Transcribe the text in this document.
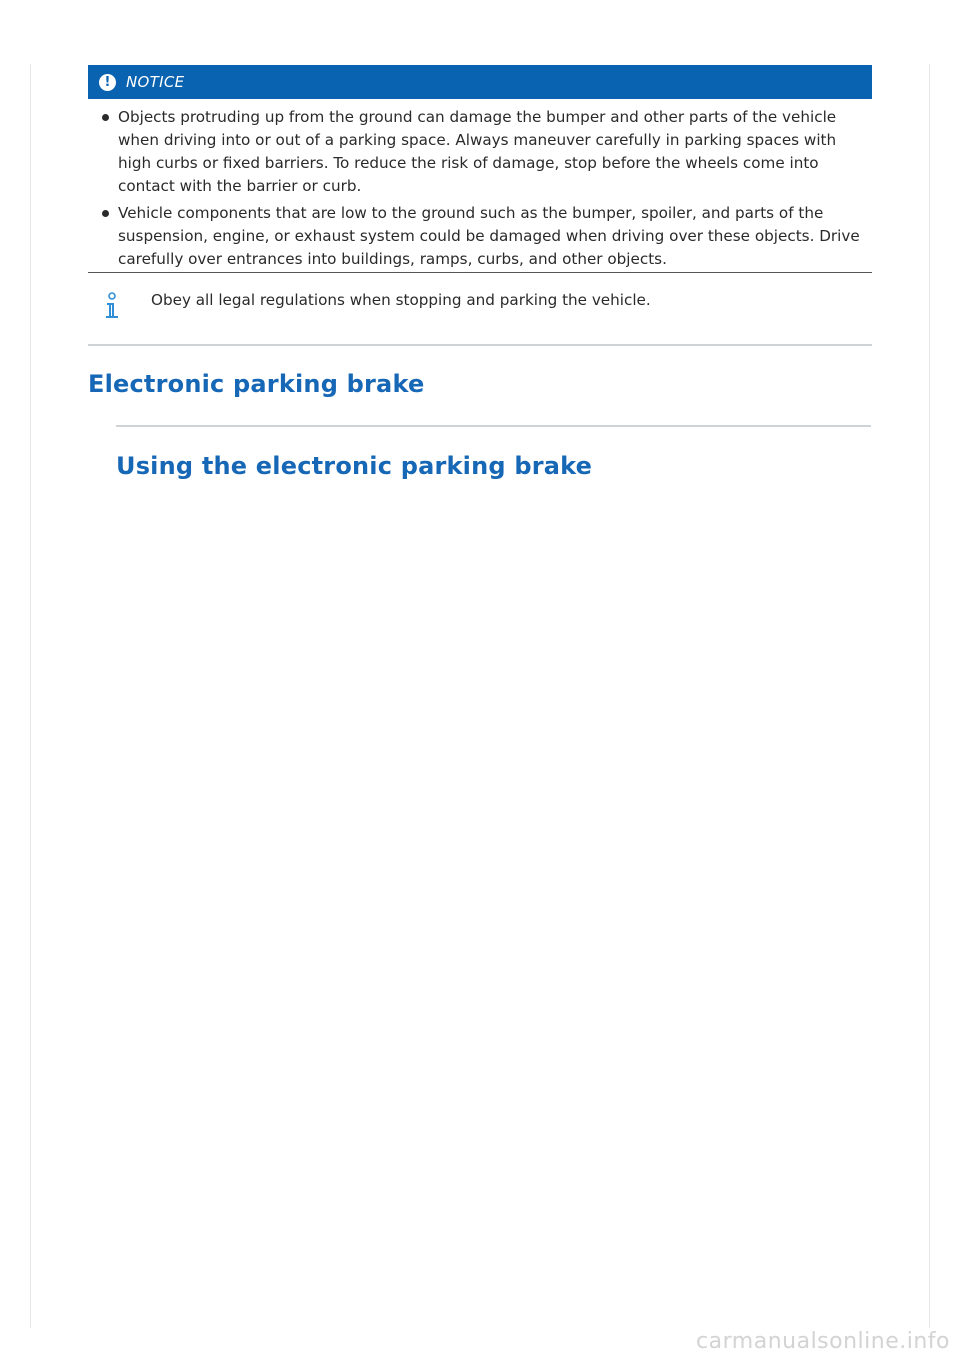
!	NOTICE
Objects protruding up from the ground can damage the bumper and other parts of the vehicle when driving into or out of a parking space. Always maneuver carefully in parking spaces with high curbs or fixed barriers. To reduce the risk of damage, stop before the wheels come into contact with the barrier or curb.
Vehicle components that are low to the ground such as the bumper, spoiler, and parts of the suspension, engine, or exhaust system could be damaged when driving over these objects. Drive carefully over entrances into buildings, ramps, curbs, and other objects.
Obey all legal regulations when stopping and parking the vehicle.
Electronic parking brake
Using the electronic parking brake
carmanualsonline.info
